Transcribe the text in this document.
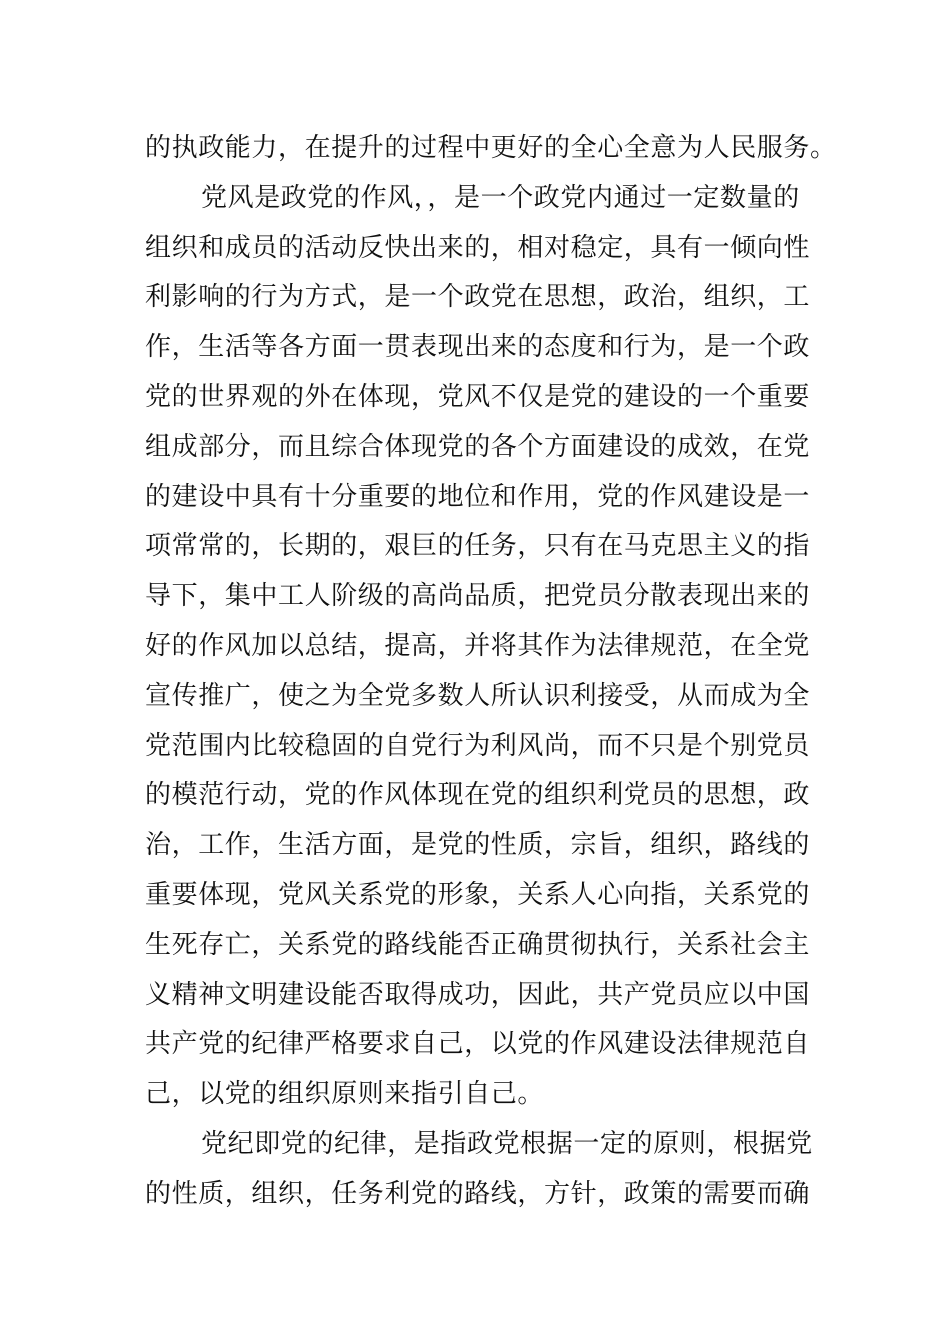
的执政能力，在提升的过程中更好的全心全意为人民服务。
党风是政党的作风，，是一个政党内通过一定数量的
组织和成员的活动反快出来的，相对稳定，具有一倾向性
利影响的行为方式，是一个政党在思想，政治，组织，工
作，生活等各方面一贯表现出来的态度和行为，是一个政
党的世界观的外在体现，党风不仅是党的建设的一个重要
组成部分，而且综合体现党的各个方面建设的成效，在党
的建设中具有十分重要的地位和作用，党的作风建设是一
项常常的，长期的，艰巨的任务，只有在马克思主义的指
导下，集中工人阶级的高尚品质，把党员分散表现出来的
好的作风加以总结，提高，并将其作为法律规范，在全党
宣传推广，使之为全党多数人所认识利接受，从而成为全
党范围内比较稳固的自党行为利风尚，而不只是个别党员
的模范行动，党的作风体现在党的组织利党员的思想，政
治，工作，生活方面，是党的性质，宗旨，组织，路线的
重要体现，党风关系党的形象，关系人心向指，关系党的
生死存亡，关系党的路线能否正确贯彻执行，关系社会主
义精神文明建设能否取得成功，因此，共产党员应以中国
共产党的纪律严格要求自己，以党的作风建设法律规范自
己，以党的组织原则来指引自己。
党纪即党的纪律，是指政党根据一定的原则，根据党
的性质，组织，任务利党的路线，方针，政策的需要而确
